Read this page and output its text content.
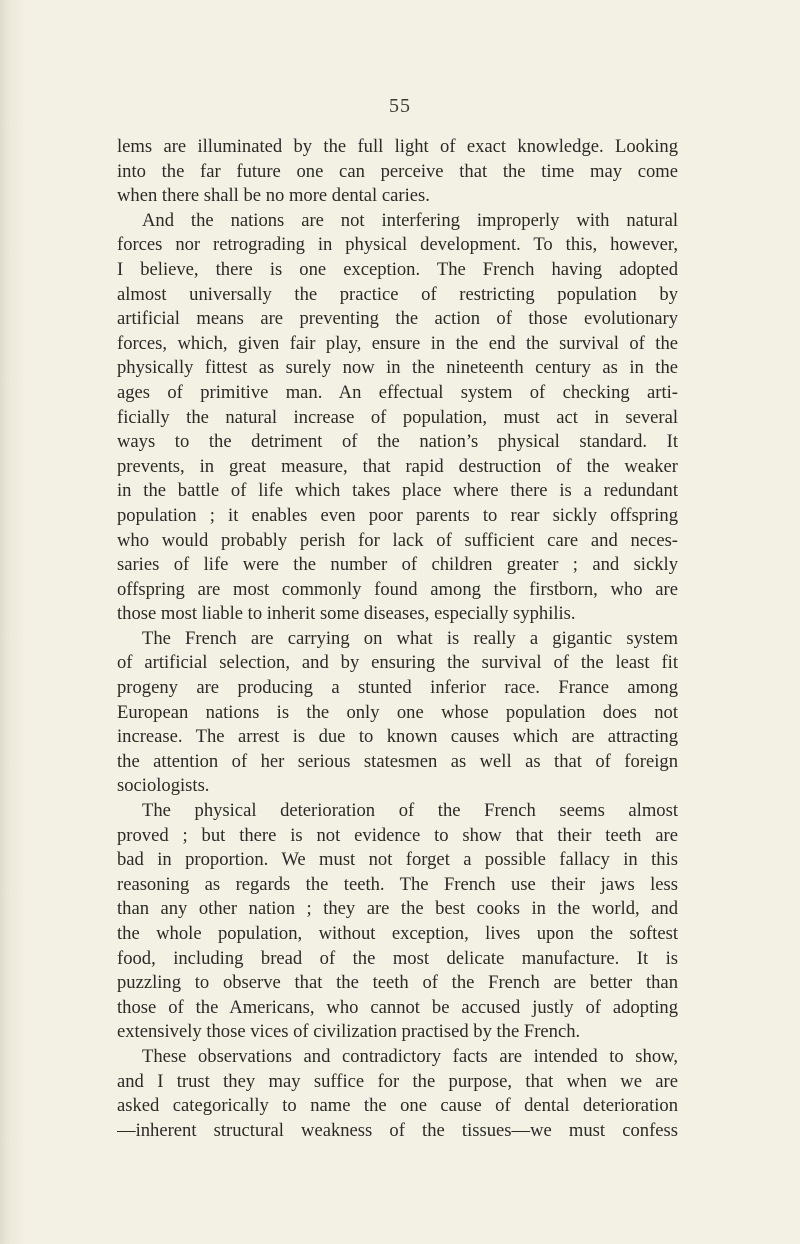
55
lems are illuminated by the full light of exact knowledge. Looking
into the far future one can perceive that the time may come
when there shall be no more dental caries.
And the nations are not interfering improperly with natural
forces nor retrograding in physical development. To this, however,
I believe, there is one exception. The French having adopted
almost universally the practice of restricting population by
artificial means are preventing the action of those evolutionary
forces, which, given fair play, ensure in the end the survival of the
physically fittest as surely now in the nineteenth century as in the
ages of primitive man. An effectual system of checking arti-
ficially the natural increase of population, must act in several
ways to the detriment of the nation’s physical standard. It
prevents, in great measure, that rapid destruction of the weaker
in the battle of life which takes place where there is a redundant
population ; it enables even poor parents to rear sickly offspring
who would probably perish for lack of sufficient care and neces-
saries of life were the number of children greater ; and sickly
offspring are most commonly found among the firstborn, who are
those most liable to inherit some diseases, especially syphilis.
The French are carrying on what is really a gigantic system
of artificial selection, and by ensuring the survival of the least fit
progeny are producing a stunted inferior race. France among
European nations is the only one whose population does not
increase. The arrest is due to known causes which are attracting
the attention of her serious statesmen as well as that of foreign
sociologists.
The physical deterioration of the French seems almost
proved ; but there is not evidence to show that their teeth are
bad in proportion. We must not forget a possible fallacy in this
reasoning as regards the teeth. The French use their jaws less
than any other nation ; they are the best cooks in the world, and
the whole population, without exception, lives upon the softest
food, including bread of the most delicate manufacture. It is
puzzling to observe that the teeth of the French are better than
those of the Americans, who cannot be accused justly of adopting
extensively those vices of civilization practised by the French.
These observations and contradictory facts are intended to show,
and I trust they may suffice for the purpose, that when we are
asked categorically to name the one cause of dental deterioration
—inherent structural weakness of the tissues—we must confess
